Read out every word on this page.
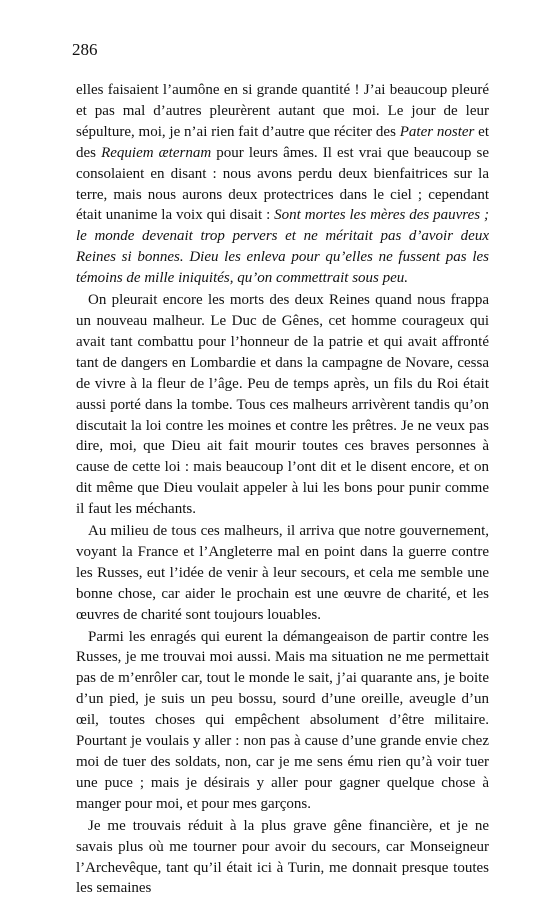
286

elles faisaient l’aumône en si grande quantité ! J’ai beaucoup pleuré et pas mal d’autres pleurèrent autant que moi. Le jour de leur sépulture, moi, je n’ai rien fait d’autre que réciter des Pater noster et des Requiem æternam pour leurs âmes. Il est vrai que beaucoup se consolaient en disant : nous avons perdu deux bienfaitrices sur la terre, mais nous aurons deux protectrices dans le ciel ; cependant était unanime la voix qui disait : Sont mortes les mères des pauvres ; le monde devenait trop pervers et ne méritait pas d’avoir deux Reines si bonnes. Dieu les enleva pour qu’elles ne fussent pas les témoins de mille iniquités, qu’on commettrait sous peu.

On pleurait encore les morts des deux Reines quand nous frappa un nouveau malheur. Le Duc de Gênes, cet homme courageux qui avait tant combattu pour l’honneur de la patrie et qui avait affronté tant de dangers en Lombardie et dans la campagne de Novare, cessa de vivre à la fleur de l’âge. Peu de temps après, un fils du Roi était aussi porté dans la tombe. Tous ces malheurs arrivèrent tandis qu’on discutait la loi contre les moines et contre les prêtres. Je ne veux pas dire, moi, que Dieu ait fait mourir toutes ces braves personnes à cause de cette loi : mais beaucoup l’ont dit et le disent encore, et on dit même que Dieu voulait appeler à lui les bons pour punir comme il faut les méchants.

Au milieu de tous ces malheurs, il arriva que notre gouvernement, voyant la France et l’Angleterre mal en point dans la guerre contre les Russes, eut l’idée de venir à leur secours, et cela me semble une bonne chose, car aider le prochain est une œuvre de charité, et les œuvres de charité sont toujours louables.

Parmi les enragés qui eurent la démangeaison de partir contre les Russes, je me trouvai moi aussi. Mais ma situation ne me permettait pas de m’enrôler car, tout le monde le sait, j’ai quarante ans, je boite d’un pied, je suis un peu bossu, sourd d’une oreille, aveugle d’un œil, toutes choses qui empêchent absolument d’être militaire. Pourtant je voulais y aller : non pas à cause d’une grande envie chez moi de tuer des soldats, non, car je me sens ému rien qu’à voir tuer une puce ; mais je désirais y aller pour gagner quelque chose à manger pour moi, et pour mes garçons.

Je me trouvais réduit à la plus grave gêne financière, et je ne savais plus où me tourner pour avoir du secours, car Monseigneur l’Archevêque, tant qu’il était ici à Turin, me donnait presque toutes les semaines
